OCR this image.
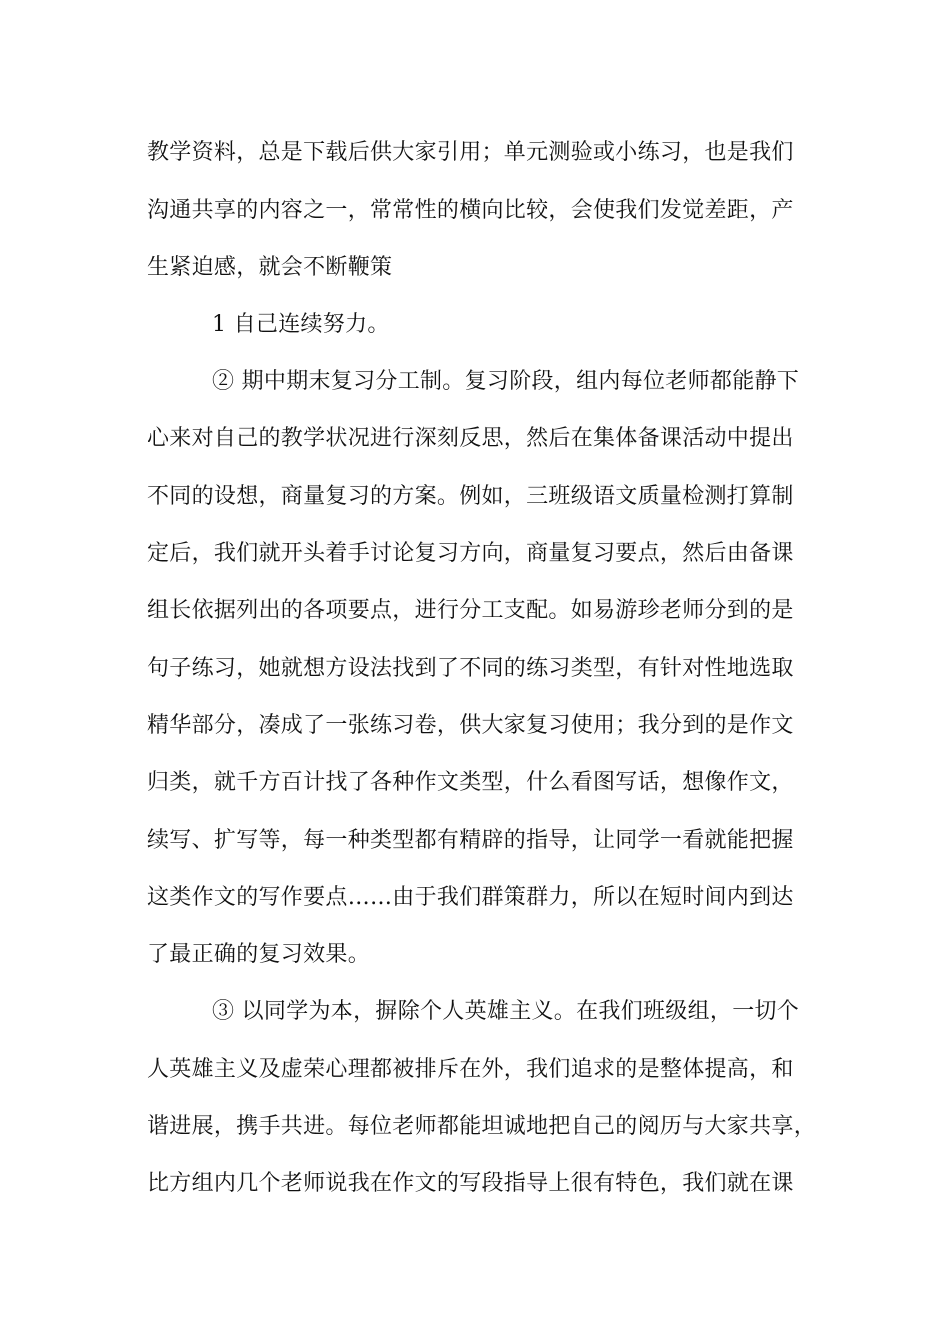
教学资料，总是下载后供大家引用；单元测验或小练习，也是我们
沟通共享的内容之一，常常性的横向比较，会使我们发觉差距，产
生紧迫感，就会不断鞭策
1 自己连续努力。
② 期中期末复习分工制。复习阶段，组内每位老师都能静下
心来对自己的教学状况进行深刻反思，然后在集体备课活动中提出
不同的设想，商量复习的方案。例如，三班级语文质量检测打算制
定后，我们就开头着手讨论复习方向，商量复习要点，然后由备课
组长依据列出的各项要点，进行分工支配。如易游珍老师分到的是
句子练习，她就想方设法找到了不同的练习类型，有针对性地选取
精华部分，凑成了一张练习卷，供大家复习使用；我分到的是作文
归类，就千方百计找了各种作文类型，什么看图写话，想像作文，
续写、扩写等，每一种类型都有精辟的指导，让同学一看就能把握
这类作文的写作要点……由于我们群策群力，所以在短时间内到达
了最正确的复习效果。
③ 以同学为本，摒除个人英雄主义。在我们班级组，一切个
人英雄主义及虚荣心理都被排斥在外，我们追求的是整体提高，和
谐进展，携手共进。每位老师都能坦诚地把自己的阅历与大家共享，
比方组内几个老师说我在作文的写段指导上很有特色，我们就在课
